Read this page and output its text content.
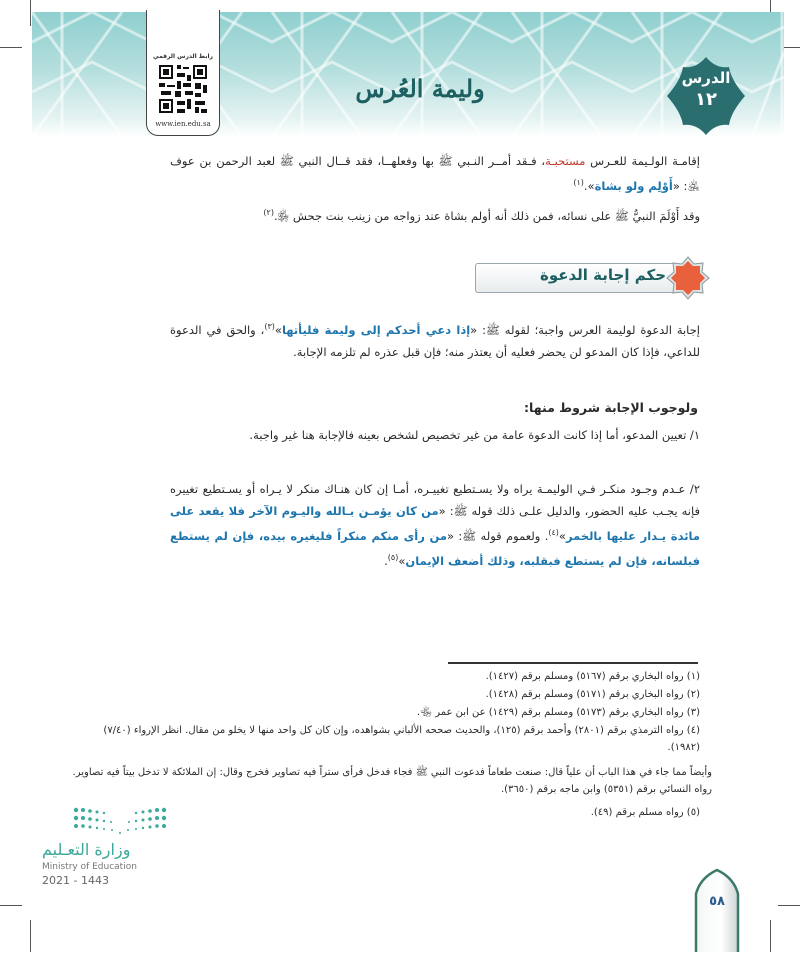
رابط الدرس الرقمي
www.ien.edu.sa
وليمة العُرس	الدرس
١٢
إقامـة الولـيمة للعـرس مستحبـة، فـقد أمــر النـبي ﷺ بها وفعلهــا، فقد قــال النبي ﷺ لعبد الرحمن بن عوف ﵁: «أَوْلِم ولو بشاة».$^{(١)}$
وقد أَوْلَمَ النبيُّ ﷺ على نسائه، فمن ذلك أنه أولم بشاة عند زواجه من زينب بنت جحش ﵂.$^{(٢)}$
حكم إجابة الدعوة
إجابة الدعوة لوليمة العرس واجبة؛ لقوله ﷺ: «إذا دعي أحدكم إلى وليمة فليأتها»$^{(٣)}$، والحق في الدعوة للداعي، فإذا كان المدعو لن يحضر فعليه أن يعتذر منه؛ فإن قبل عذره لم تلزمه الإجابة.
ولوجوب الإجابة شروط منها:
١/ تعيين المدعو، أما إذا كانت الدعوة عامة من غير تخصيص لشخص بعينه فالإجابة هنا غير واجبة.
٢/ عـدم وجـود منكـر فـي الوليمـة يراه ولا يسـتطيع تغييـره، أمـا إن كان هنـاك منكر لا يـراه أو يسـتطيع تغييره فإنه يجـب عليه الحضور، والدليل علـى ذلك قوله ﷺ: «من كان يؤمـن بـالله واليـوم الآخر فلا يقعد على مائدة يـدار عليها بالخمر»$^{(٤)}$. ولعموم قوله ﷺ: «من رأى منكم منكراً فليغيره بيده، فإن لم يستطع فبلسانه، فإن لم يستطع فبقلبه، وذلك أضعف الإيمان»$^{(٥)}$.
(١) رواه البخاري برقم (٥١٦٧) ومسلم برقم (١٤٢٧).
(٢) رواه البخاري برقم (٥١٧١) ومسلم برقم (١٤٢٨).
(٣) رواه البخاري برقم (٥١٧٣) ومسلم برقم (١٤٢٩) عن ابن عمر ﵄.
(٤) رواه الترمذي برقم (٢٨٠١) وأحمد برقم (١٢٥)، والحديث صححه الألباني بشواهده، وإن كان كل واحد منها لا يخلو من مقال. انظر الإرواء (٧/٤٠)(١٩٨٢).
وأيضاً مما جاء في هذا الباب أن علياً قال: صنعت طعاماً فدعوت النبي ﷺ فجاء فدخل فرأى ستراً فيه تصاوير فخرج وقال: إن الملائكة لا تدخل بيتاً فيه تصاوير. رواه النسائي برقم (٥٣٥١) وابن ماجه برقم (٣٦٥٠).
(٥) رواه مسلم برقم (٤٩).
وزارة التعـليم
Ministry of Education
2021 - 1443
٥٨
